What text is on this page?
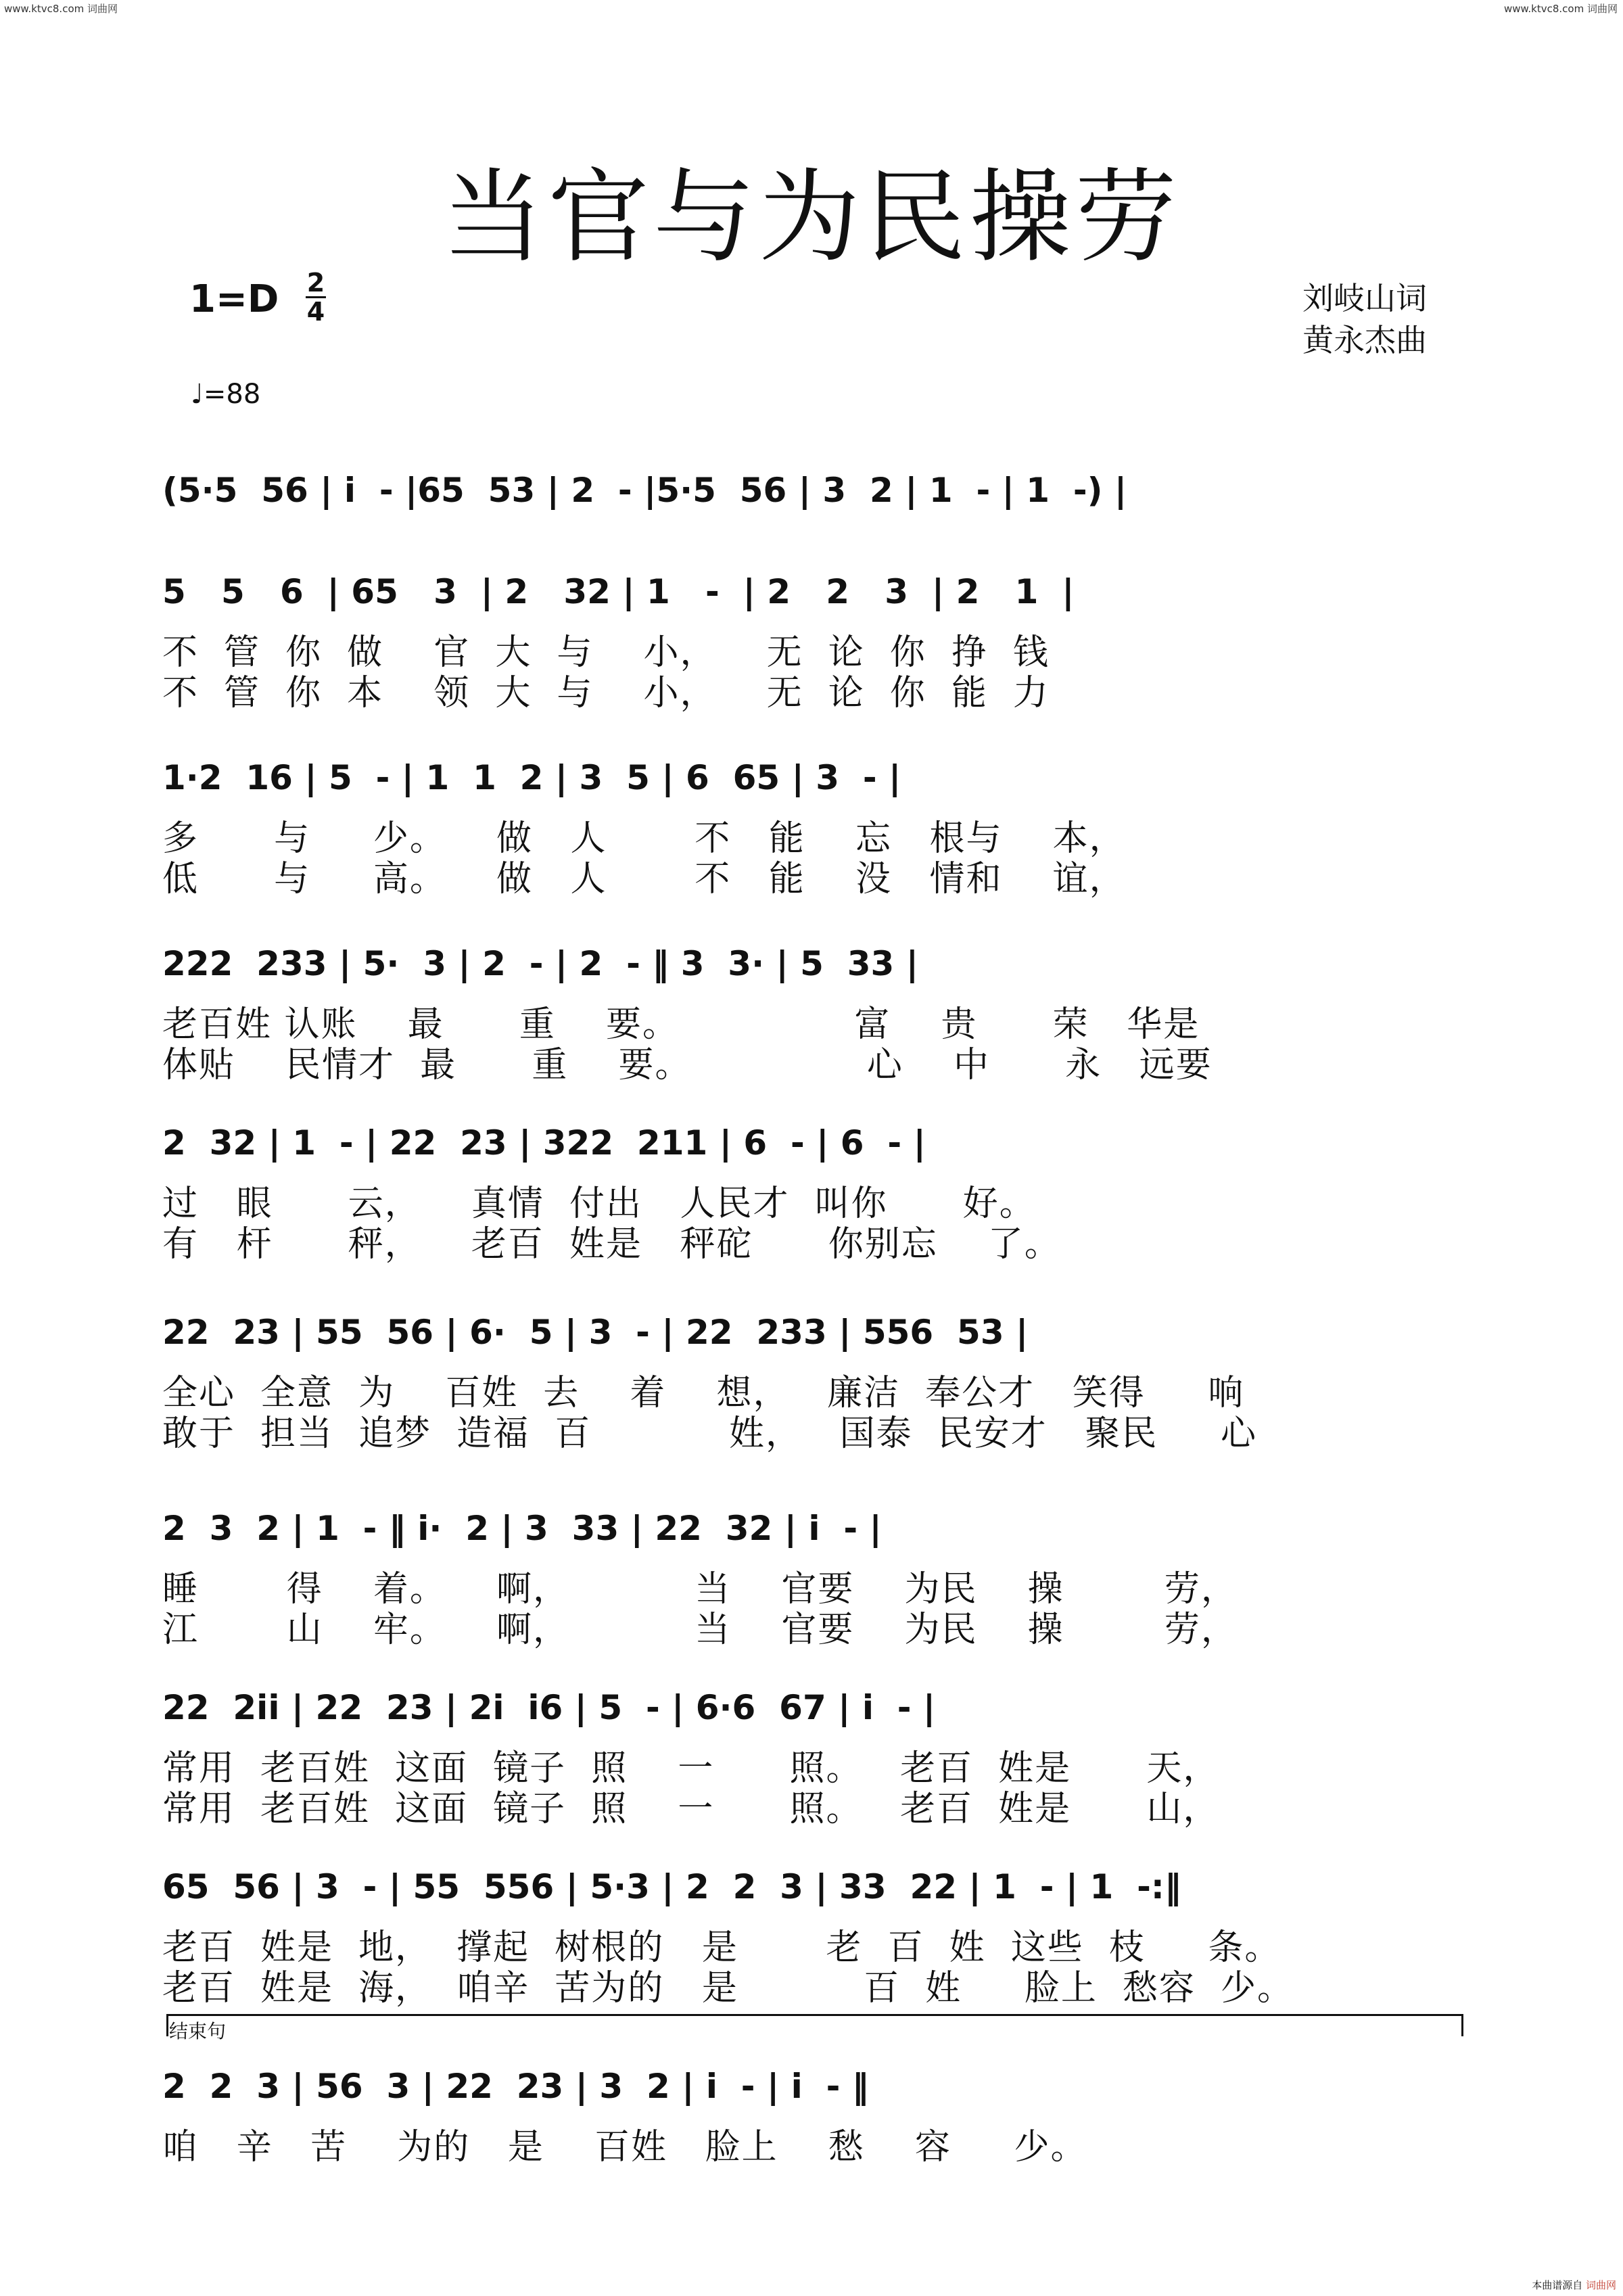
www.ktvc8.com 词曲网	www.ktvc8.com 词曲网
当官与为民操劳
1=D 2
4	刘岐山词
黄永杰曲
♩=88
(5·5  56 | i  - |65  53 | 2  - |5·5  56 | 3  2 | 1  - | 1  -) |
5   5   6  | 65   3  | 2   32 | 1   -  | 2   2   3  | 2   1  |
不  管  你  做    官  大  与    小，    无  论  你  挣  钱
不  管  你  本    领  大  与    小，    无  论  你  能  力
1·2  16 | 5  - | 1  1  2 | 3  5 | 6  65 | 3  - |
多      与     少。    做   人       不   能    忘   根与    本，
低      与     高。    做   人       不   能    没   情和    谊，
222  233 | 5·  3 | 2  - | 2  - ‖ 3  3· | 5  33 |
老百姓 认账    最      重    要。              富    贵      荣   华是
体贴    民情才  最      重    要。              心    中      永   远要
2  32 | 1  - | 22  23 | 322  211 | 6  - | 6  - |
过   眼      云，    真情  付出   人民才  叫你      好。
有   杆      秤，    老百  姓是   秤砣      你别忘    了。
22  23 | 55  56 | 6·  5 | 3  - | 22  233 | 556  53 |
全心  全意  为    百姓  去    着    想，   廉洁  奉公才   笑得     响
敢于  担当  追梦  造福  百           姓，   国泰  民安才   聚民     心
2  3  2 | 1  - ‖ i·  2 | 3  33 | 22  32 | i  - |
睡       得    着。    啊，          当    官要    为民    操        劳，
江       山    牢。    啊，          当    官要    为民    操        劳，
22  2ii | 22  23 | 2i  i6 | 5  - | 6·6  67 | i  - |
常用  老百姓  这面  镜子  照    一      照。   老百  姓是      天，
常用  老百姓  这面  镜子  照    一      照。   老百  姓是      山，
65  56 | 3  - | 55  556 | 5·3 | 2  2  3 | 33  22 | 1  - | 1  -:‖
老百  姓是  地，  撑起  树根的   是       老  百  姓  这些  枝     条。
老百  姓是  海，  咱辛  苦为的   是          百  姓     脸上  愁容  少。
结束句
2  2  3 | 56  3 | 22  23 | 3  2 | i  - | i  - ‖
咱   辛   苦    为的   是    百姓   脸上    愁    容     少。
本曲谱源自 词曲网
